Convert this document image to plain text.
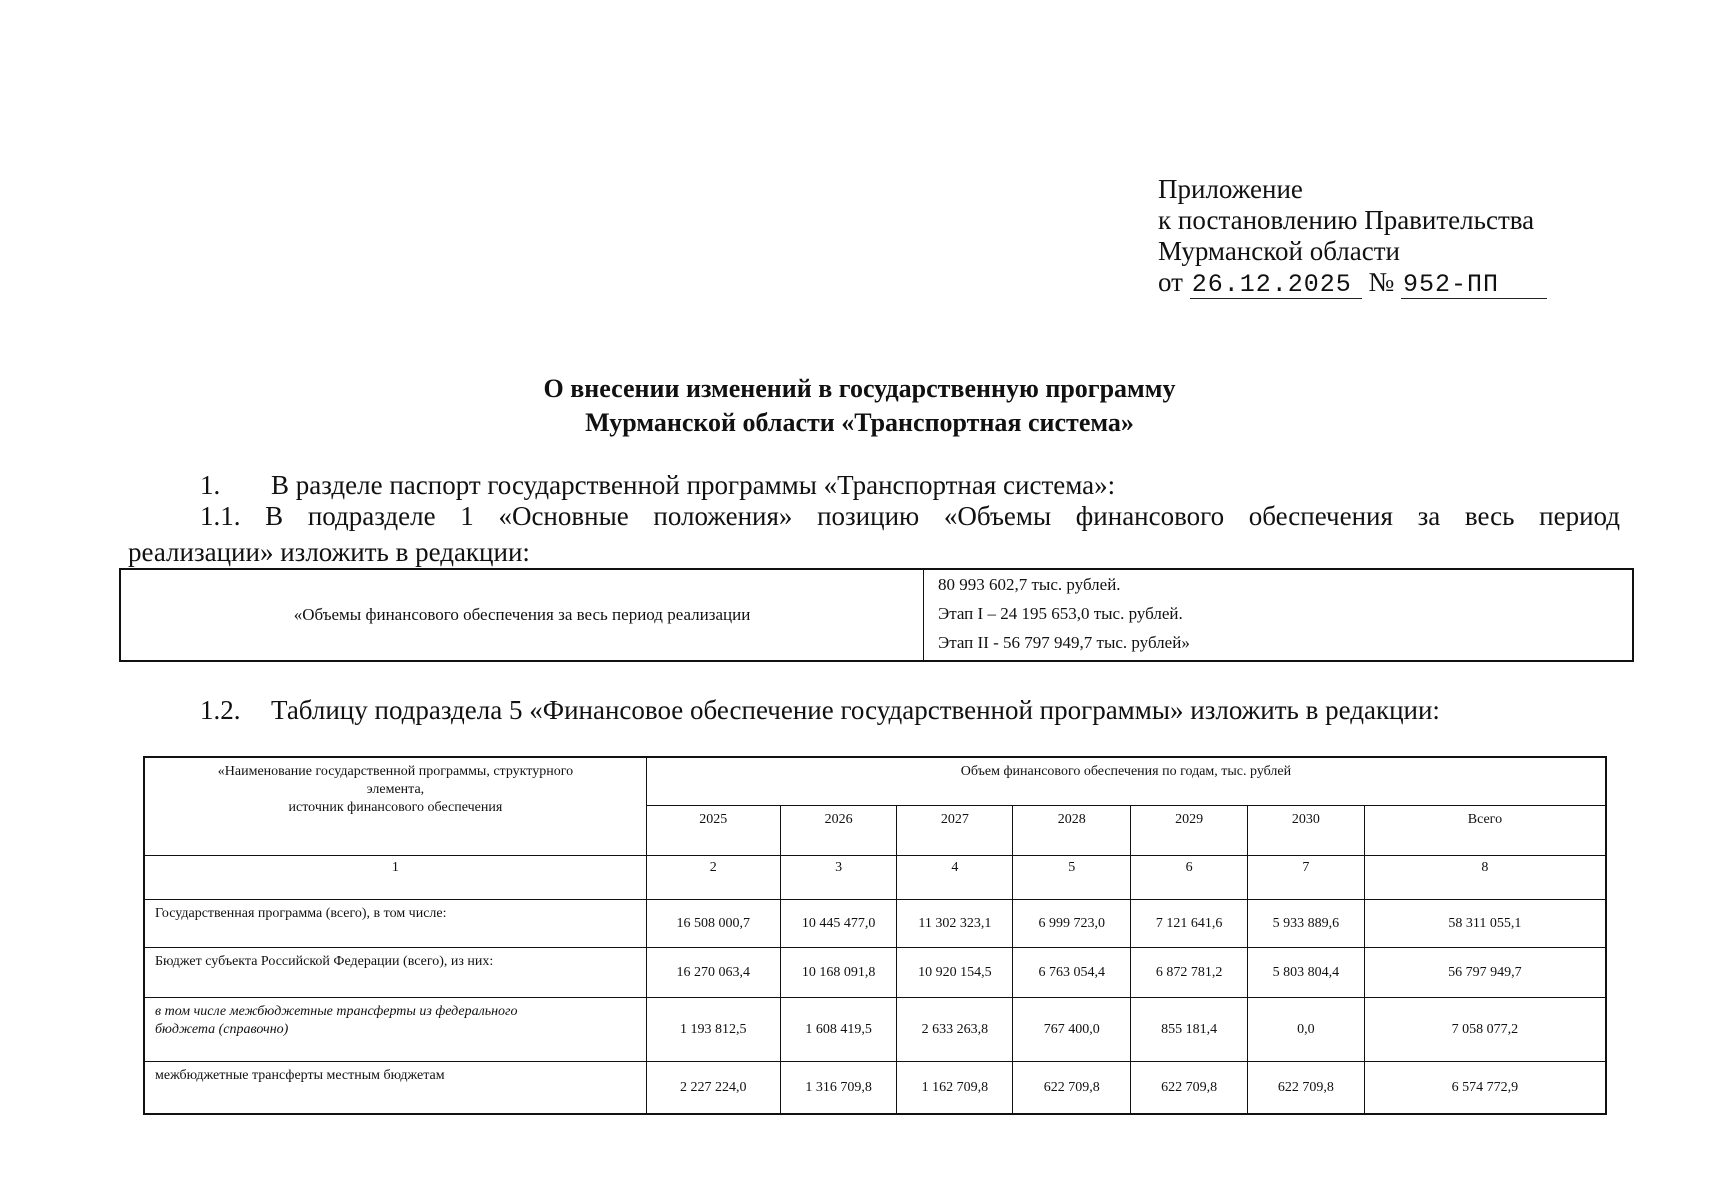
Приложение
к постановлению Правительства
Мурманской области
от 26.12.2025 № 952-ПП
О внесении изменений в государственную программу
Мурманской области «Транспортная система»
1. В разделе паспорт государственной программы «Транспортная система»:
1.1. В подразделе 1 «Основные положения» позицию «Объемы финансового обеспечения за весь период
реализации» изложить в редакции:
«Объемы финансового обеспечения за весь период реализации	
80 993 602,7 тыс. рублей.
Этап I – 24 195 653,0 тыс. рублей.
Этап II - 56 797 949,7 тыс. рублей»
1.2. Таблицу подраздела 5 «Финансовое обеспечение государственной программы» изложить в редакции:
«Наименование государственной программы, структурного
элемента,
источник финансового обеспечения	Объем финансового обеспечения по годам, тыс. рублей						
	2025	2026	2027	2028	2029	2030	Всего
1	2	3	4	5	6	7	8
Государственная программа (всего), в том числе:	16 508 000,7	10 445 477,0	11 302 323,1	6 999 723,0	7 121 641,6	5 933 889,6	58 311 055,1
Бюджет субъекта Российской Федерации (всего), из них:	16 270 063,4	10 168 091,8	10 920 154,5	6 763 054,4	6 872 781,2	5 803 804,4	56 797 949,7

в том числе межбюджетные трансферты из федерального
бюджета (справочно)	1 193 812,5	1 608 419,5	2 633 263,8	767 400,0	855 181,4	0,0	7 058 077,2
межбюджетные трансферты местным бюджетам	2 227 224,0	1 316 709,8	1 162 709,8	622 709,8	622 709,8	622 709,8	6 574 772,9
